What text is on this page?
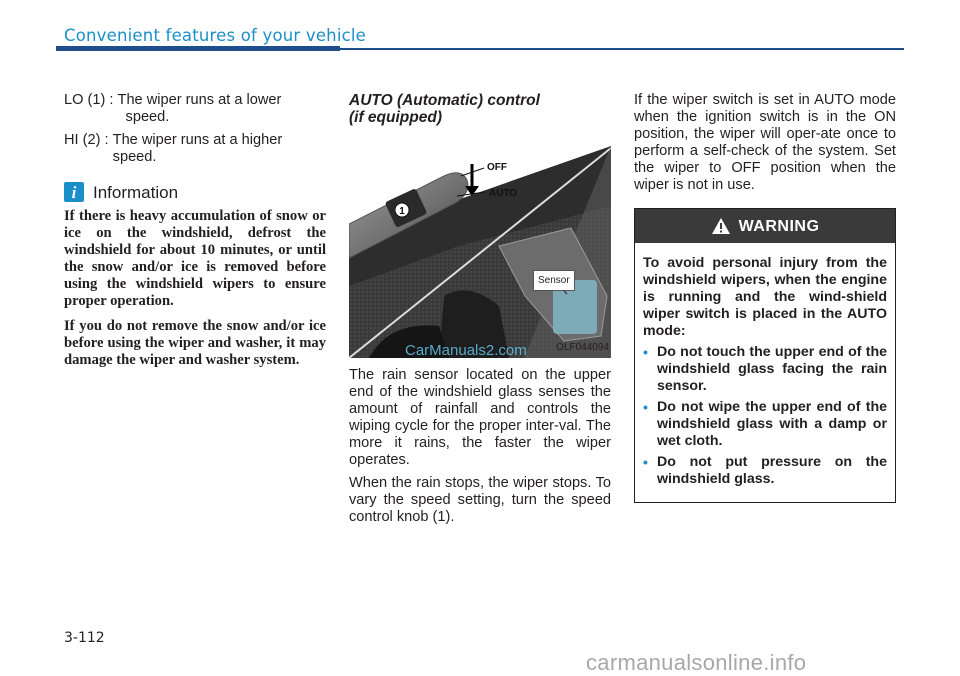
Convenient features of your vehicle
LO (1) : The wiper runs at a lower
speed.
HI (2) : The wiper runs at a higher
speed.
i Information

If there is heavy accumulation of snow or ice on the windshield, defrost the windshield for about 10 minutes, or until the snow and/or ice is removed before using the windshield wipers to ensure proper operation.

If you do not remove the snow and/or ice before using the wiper and washer, it may damage the wiper and washer system.

AUTO (Automatic) control
(if equipped)

1
OFF
AUTO
Sensor
OLF044094

The rain sensor located on the upper end of the windshield glass senses the amount of rainfall and controls the wiping cycle for the proper inter-val. The more it rains, the faster the wiper operates.

When the rain stops, the wiper stops. To vary the speed setting, turn the speed control knob (1).

CarManuals2.com

If the wiper switch is set in AUTO mode when the ignition switch is in the ON position, the wiper will oper-ate once to perform a self-check of the system. Set the wiper to OFF position when the wiper is not in use.

WARNING

To avoid personal injury from the windshield wipers, when the engine is running and the wind-shield wiper switch is placed in the AUTO mode:

• Do not touch the upper end of the windshield glass facing the rain sensor.
• Do not wipe the upper end of the windshield glass with a damp or wet cloth.
• Do not put pressure on the windshield glass.
3-112
carmanualsonline.info
